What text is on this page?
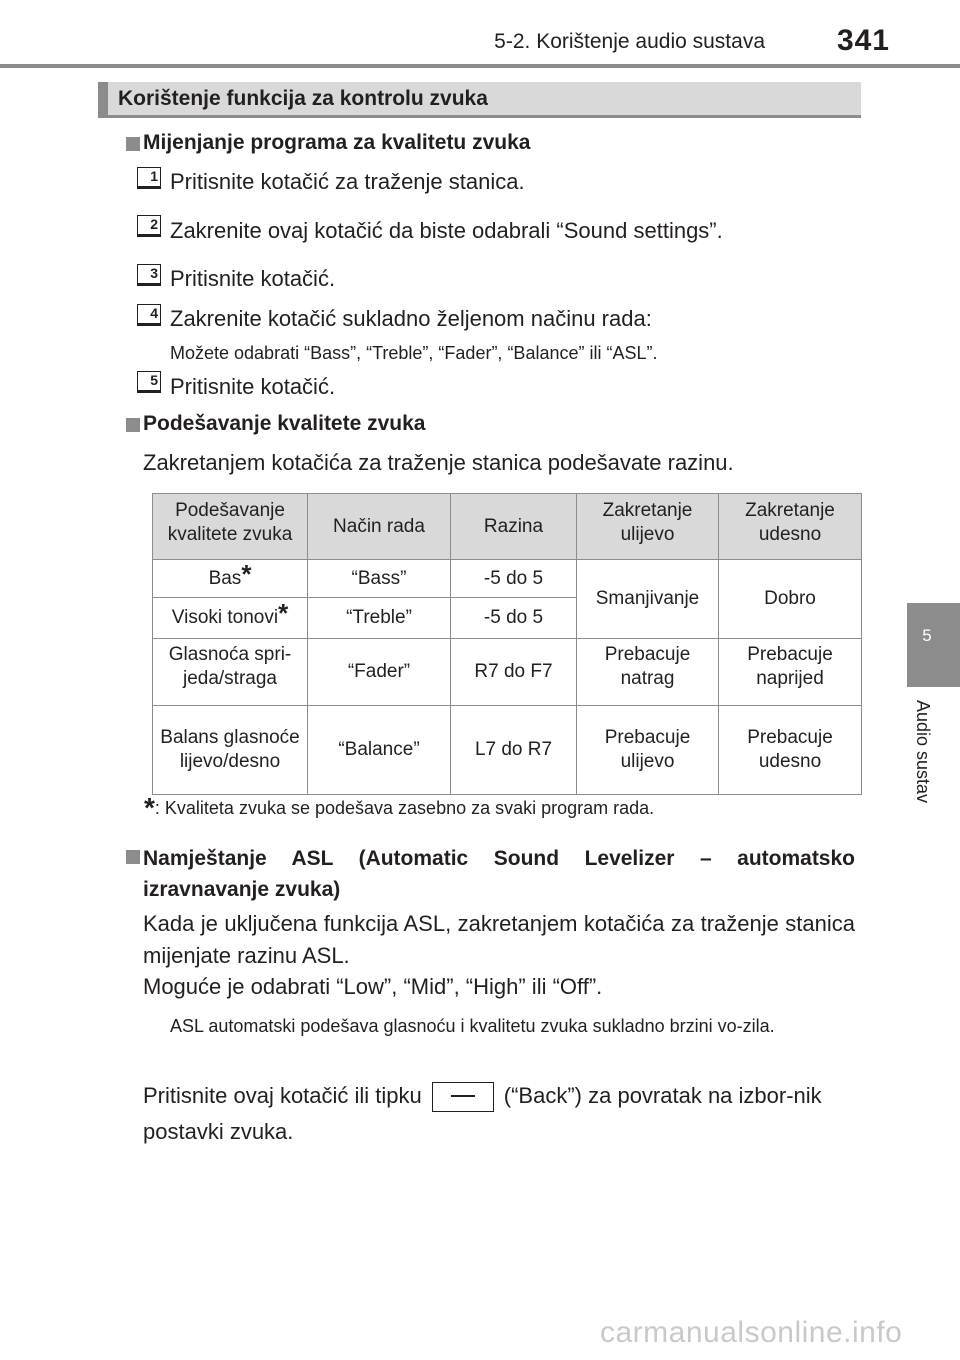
5-2. Korištenje audio sustava	341
5
Audio sustav
Korištenje funkcija za kontrolu zvuka
Mijenjanje programa za kvalitetu zvuka
1 Pritisnite kotačić za traženje stanica.
2 Zakrenite ovaj kotačić da biste odabrali “Sound settings”.
3 Pritisnite kotačić.
4 Zakrenite kotačić sukladno željenom načinu rada:
Možete odabrati “Bass”, “Treble”, “Fader”, “Balance” ili “ASL”.
5 Pritisnite kotačić.
Podešavanje kvalitete zvuka
Zakretanjem kotačića za traženje stanica podešavate razinu.
Podešavanje kvalitete zvuka	Način rada	Razina	Zakretanje ulijevo	Zakretanje udesno
Bas*	“Bass”	-5 do 5	Smanjivanje	Dobro
Visoki tonovi*	“Treble”	-5 do 5		
Glasnoća spri-jeda/straga	“Fader”	R7 do F7	Prebacuje natrag	Prebacuje naprijed
Balans glasnoće lijevo/desno	“Balance”	L7 do R7	Prebacuje ulijevo	Prebacuje udesno
*: Kvaliteta zvuka se podešava zasebno za svaki program rada.
Namještanje ASL (Automatic Sound Levelizer – automatsko izravnavanje zvuka)
Kada je uključena funkcija ASL, zakretanjem kotačića za traženje stanica mijenjate razinu ASL.
Moguće je odabrati “Low”, “Mid”, “High” ili “Off”.
ASL automatski podešava glasnoću i kvalitetu zvuka sukladno brzini vo-zila.
Pritisnite ovaj kotačić ili tipku	(“Back”) za povratak na izbor-nik postavki zvuka.
carmanualsonline.info
